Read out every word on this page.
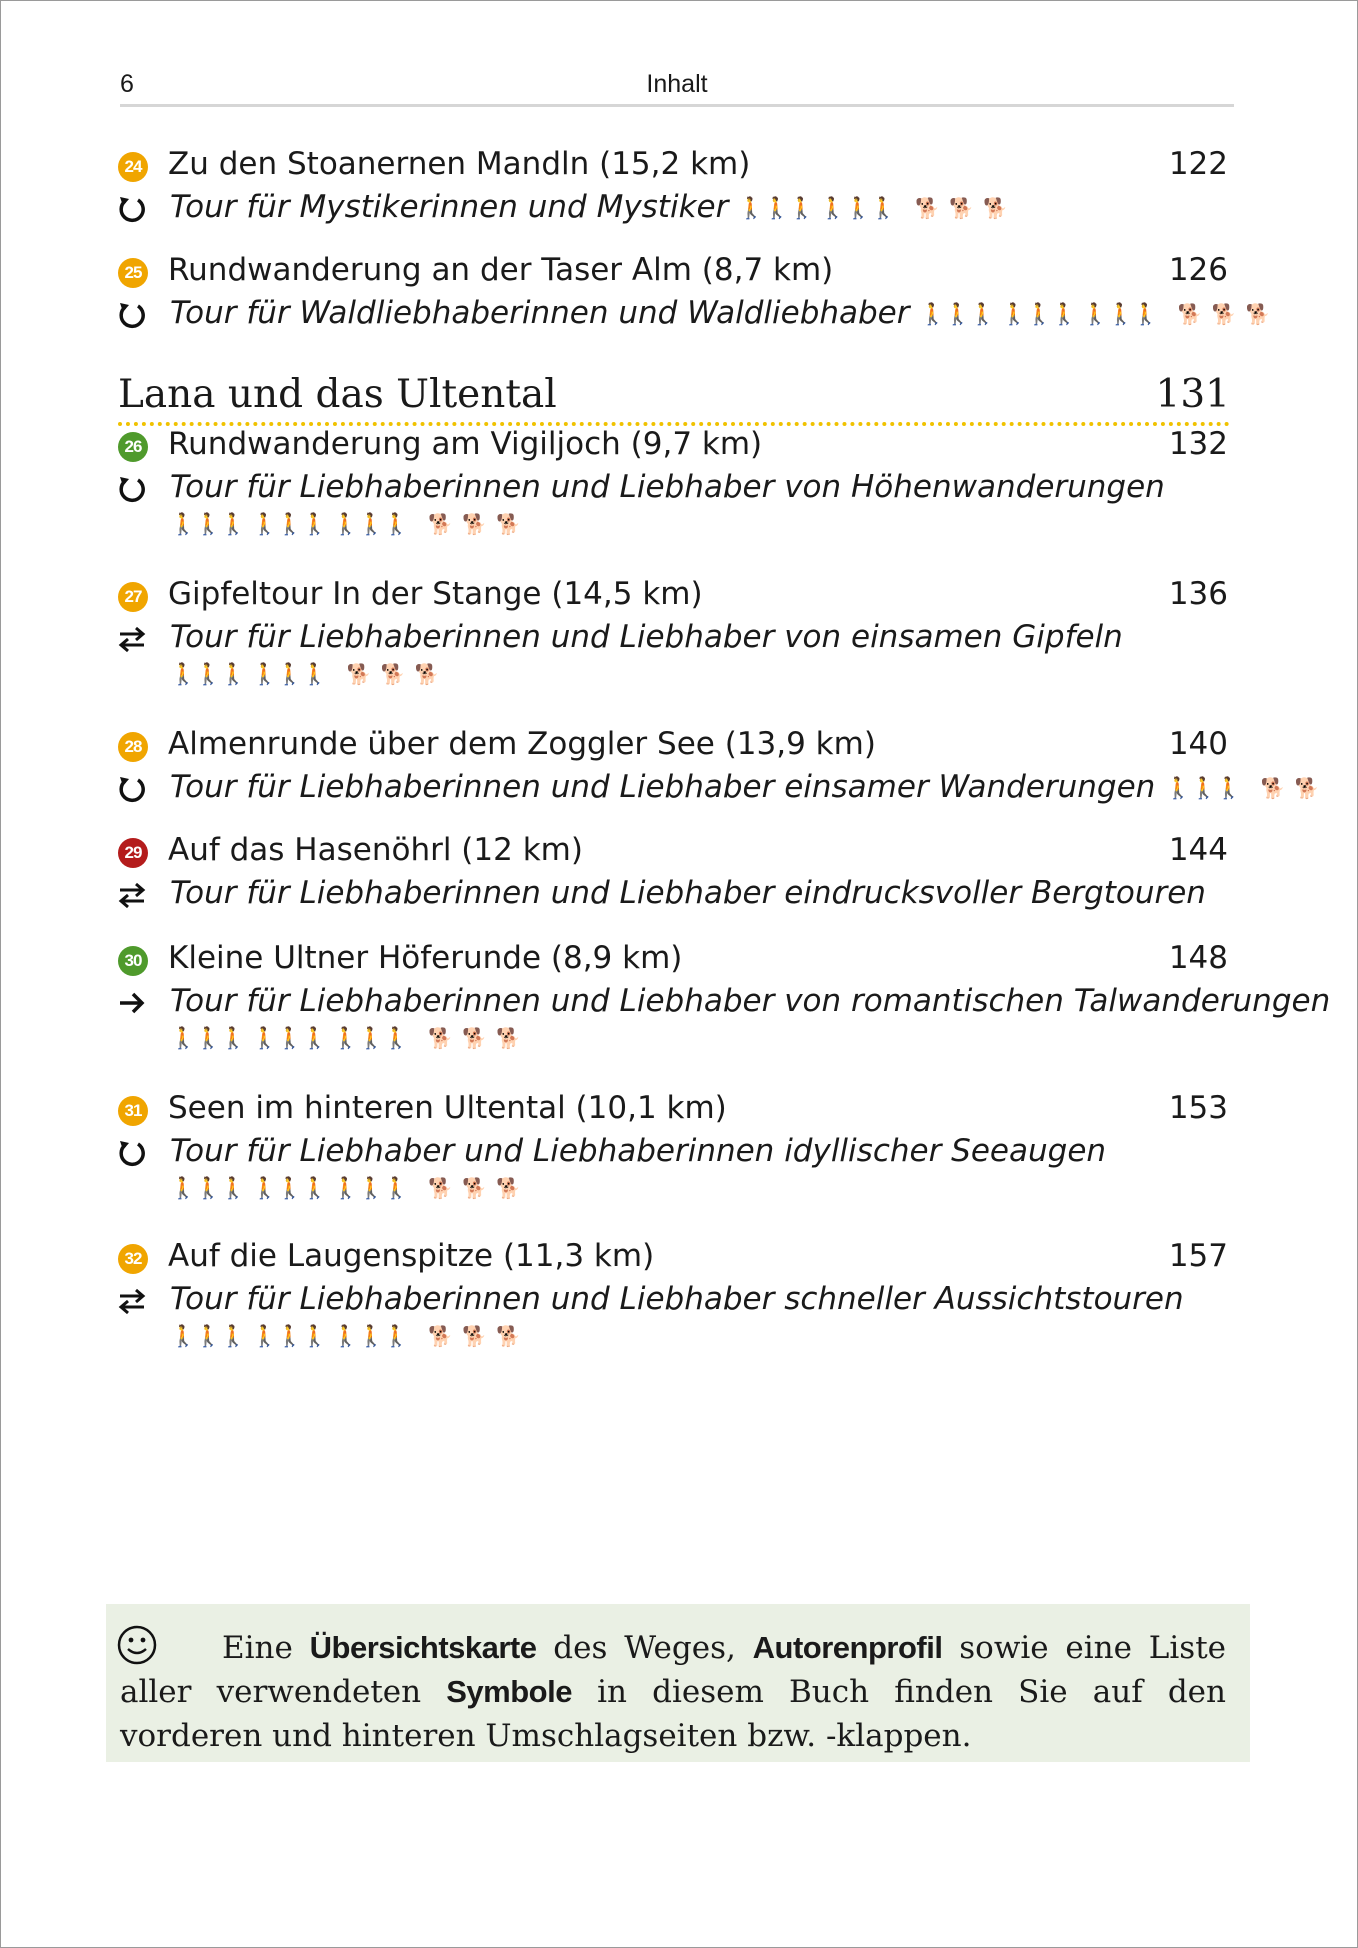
6	Inhalt
24 Zu den Stoanernen Mandln (15,2 km)	122
Tour für Mystikerinnen und Mystiker 🚶🚶🚶 🚶🚶🚶 🐕 🐕 🐕
25 Rundwanderung an der Taser Alm (8,7 km)	126
Tour für Waldliebhaberinnen und Waldliebhaber 🚶🚶🚶 🚶🚶🚶 🚶🚶🚶 🐕 🐕 🐕
Lana und das Ultental	131
26 Rundwanderung am Vigiljoch (9,7 km)	132
Tour für Liebhaberinnen und Liebhaber von Höhenwanderungen
🚶🚶🚶 🚶🚶🚶 🚶🚶🚶 🐕 🐕 🐕
27 Gipfeltour In der Stange (14,5 km)	136
Tour für Liebhaberinnen und Liebhaber von einsamen Gipfeln
🚶🚶🚶 🚶🚶🚶 🐕 🐕 🐕
28 Almenrunde über dem Zoggler See (13,9 km)	140
Tour für Liebhaberinnen und Liebhaber einsamer Wanderungen 🚶🚶🚶 🐕 🐕
29 Auf das Hasenöhrl (12 km)	144
Tour für Liebhaberinnen und Liebhaber eindrucksvoller Bergtouren
30 Kleine Ultner Höferunde (8,9 km)	148
Tour für Liebhaberinnen und Liebhaber von romantischen Talwanderungen
🚶🚶🚶 🚶🚶🚶 🚶🚶🚶 🐕 🐕 🐕
31 Seen im hinteren Ultental (10,1 km)	153
Tour für Liebhaber und Liebhaberinnen idyllischer Seeaugen
🚶🚶🚶 🚶🚶🚶 🚶🚶🚶 🐕 🐕 🐕
32 Auf die Laugenspitze (11,3 km)	157
Tour für Liebhaberinnen und Liebhaber schneller Aussichtstouren
🚶🚶🚶 🚶🚶🚶 🚶🚶🚶 🐕 🐕 🐕
Eine Übersichtskarte des Weges, Autorenprofil sowie eine Liste aller verwendeten Symbole in diesem Buch finden Sie auf den vorderen und hinteren Umschlagseiten bzw. -klappen.
